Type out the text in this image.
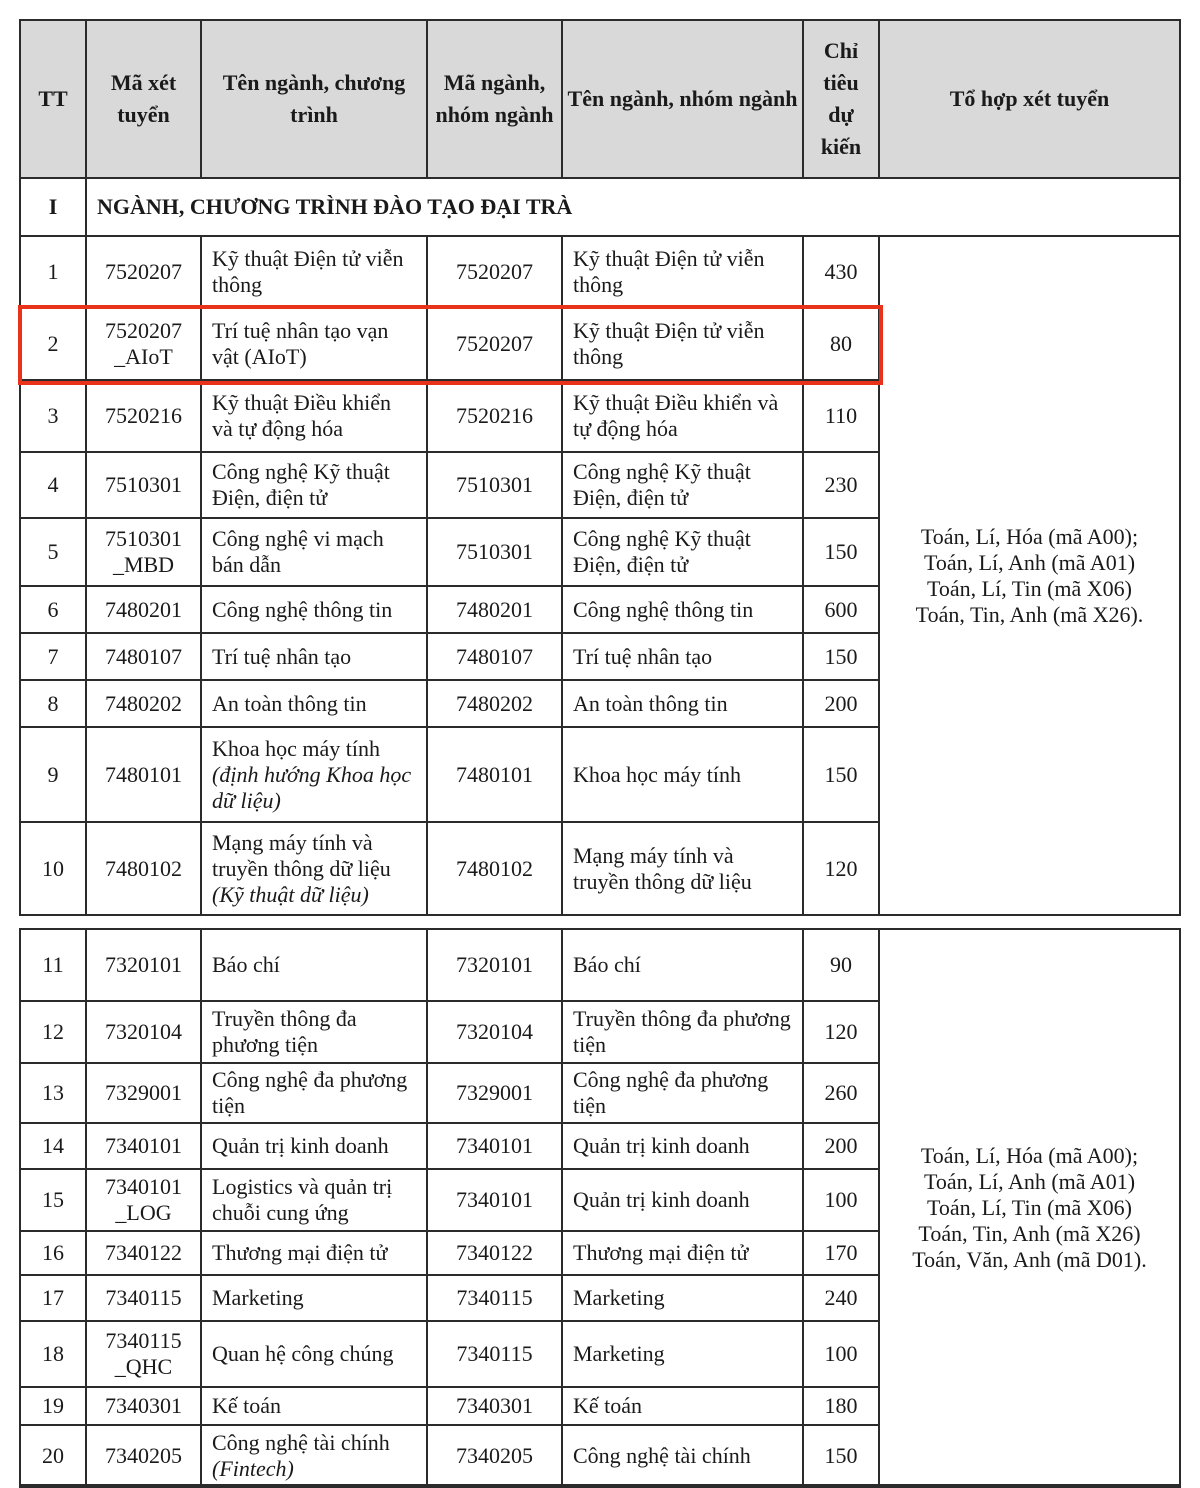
TT	Mã xét tuyển	Tên ngành, chương trình	Mã ngành, nhóm ngành	Tên ngành, nhóm ngành	Chỉ tiêu dự kiến	Tổ hợp xét tuyển
I	NGÀNH, CHƯƠNG TRÌNH ĐÀO TẠO ĐẠI TRÀ					
1	7520207	Kỹ thuật Điện tử viễn thông	7520207	Kỹ thuật Điện tử viễn thông	430	Toán, Lí, Hóa (mã A00);
Toán, Lí, Anh (mã A01)
Toán, Lí, Tin (mã X06)
Toán, Tin, Anh (mã X26).

2	7520207 _AIoT	Trí tuệ nhân tạo vạn vật (AIoT)	7520207	Kỹ thuật Điện tử viễn thông	80	
3	7520216	Kỹ thuật Điều khiển và tự động hóa	7520216	Kỹ thuật Điều khiển và tự động hóa	110	
4	7510301	Công nghệ Kỹ thuật Điện, điện tử	7510301	Công nghệ Kỹ thuật Điện, điện tử	230	
5	7510301 _MBD	Công nghệ vi mạch bán dẫn	7510301	Công nghệ Kỹ thuật Điện, điện tử	150	
6	7480201	Công nghệ thông tin	7480201	Công nghệ thông tin	600	
7	7480107	Trí tuệ nhân tạo	7480107	Trí tuệ nhân tạo	150	
8	7480202	An toàn thông tin	7480202	An toàn thông tin	200	
9	7480101	Khoa học máy tính
(định hướng Khoa học dữ liệu)	7480101	Khoa học máy tính	150	
10	7480102	Mạng máy tính và truyền thông dữ liệu
(Kỹ thuật dữ liệu)	7480102	Mạng máy tính và truyền thông dữ liệu	120	
11	7320101	Báo chí	7320101	Báo chí	90	Toán, Lí, Hóa (mã A00);
Toán, Lí, Anh (mã A01)
Toán, Lí, Tin (mã X06)
Toán, Tin, Anh (mã X26)
Toán, Văn, Anh (mã D01).

12	7320104	Truyền thông đa phương tiện	7320104	Truyền thông đa phương tiện	120	
13	7329001	Công nghệ đa phương tiện	7329001	Công nghệ đa phương tiện	260	
14	7340101	Quản trị kinh doanh	7340101	Quản trị kinh doanh	200	
15	7340101 _LOG	Logistics và quản trị chuỗi cung ứng	7340101	Quản trị kinh doanh	100	
16	7340122	Thương mại điện tử	7340122	Thương mại điện tử	170	
17	7340115	Marketing	7340115	Marketing	240	
18	7340115 _QHC	Quan hệ công chúng	7340115	Marketing	100	
19	7340301	Kế toán	7340301	Kế toán	180	
20	7340205	Công nghệ tài chính
(Fintech)	7340205	Công nghệ tài chính	150	
